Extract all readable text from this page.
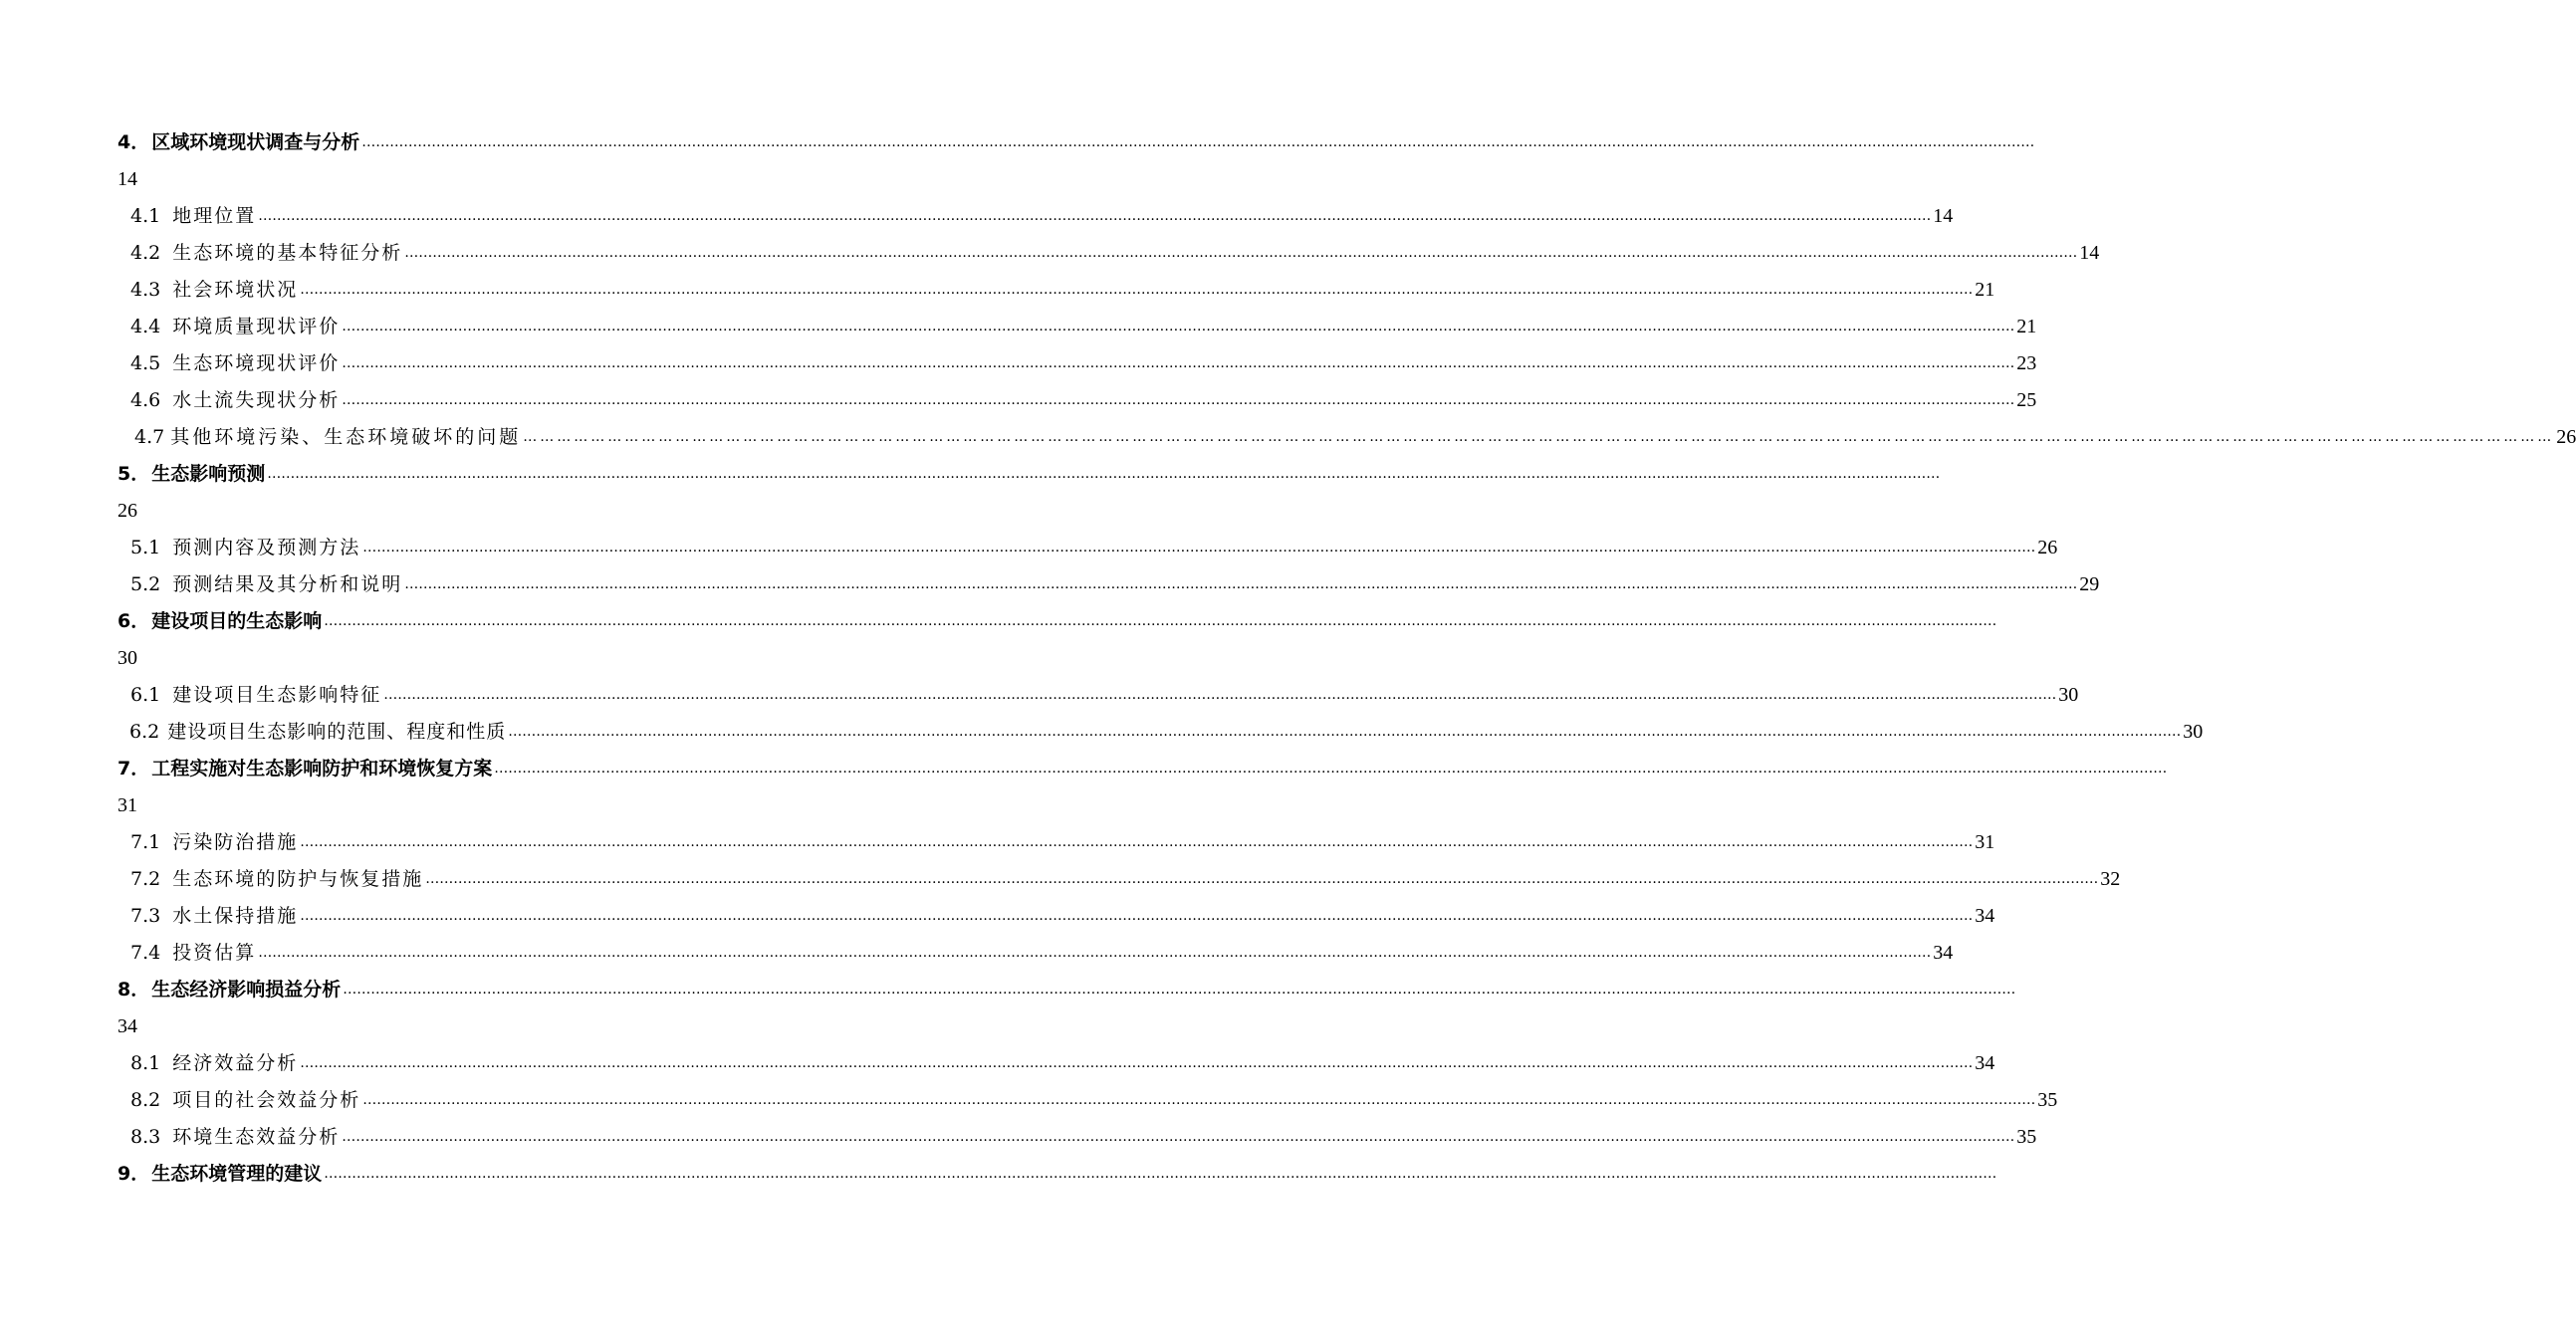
4． 区域环境现状调查与分析 ………………………………………………………………………………………………………………………………………………………………………………………………………………………………………………………………………………………………………………………………
14
4.1 地理位置 ……………………………………………………………………………………………………………………………………………………………………………………………………………………………………………………………………………………………………………………………… 14
4.2 生态环境的基本特征分析 ……………………………………………………………………………………………………………………………………………………………………………………………………………………………………………………………………………………………………………………………… 14
4.3 社会环境状况 ……………………………………………………………………………………………………………………………………………………………………………………………………………………………………………………………………………………………………………………………… 21
4.4 环境质量现状评价 ……………………………………………………………………………………………………………………………………………………………………………………………………………………………………………………………………………………………………………………………… 21
4.5 生态环境现状评价 ……………………………………………………………………………………………………………………………………………………………………………………………………………………………………………………………………………………………………………………………… 23
4.6 水土流失现状分析 ……………………………………………………………………………………………………………………………………………………………………………………………………………………………………………………………………………………………………………………………… 25
4.7 其他环境污染、生态环境破坏的问题 ……………………………………………………………………………………………………………………………………………………………………………………………………………………………………………………………………………………………………………………………… 26
5． 生态影响预测 ………………………………………………………………………………………………………………………………………………………………………………………………………………………………………………………………………………………………………………………………
26
5.1 预测内容及预测方法 ……………………………………………………………………………………………………………………………………………………………………………………………………………………………………………………………………………………………………………………………… 26
5.2 预测结果及其分析和说明 ……………………………………………………………………………………………………………………………………………………………………………………………………………………………………………………………………………………………………………………………… 29
6． 建设项目的生态影响 ………………………………………………………………………………………………………………………………………………………………………………………………………………………………………………………………………………………………………………………………
30
6.1 建设项目生态影响特征 ……………………………………………………………………………………………………………………………………………………………………………………………………………………………………………………………………………………………………………………………… 30
6.2 建设项目生态影响的范围、程度和性质 ……………………………………………………………………………………………………………………………………………………………………………………………………………………………………………………………………………………………………………………………… 30
7． 工程实施对生态影响防护和环境恢复方案 ………………………………………………………………………………………………………………………………………………………………………………………………………………………………………………………………………………………………………………………………
31
7.1 污染防治措施 ……………………………………………………………………………………………………………………………………………………………………………………………………………………………………………………………………………………………………………………………… 31
7.2 生态环境的防护与恢复措施 ……………………………………………………………………………………………………………………………………………………………………………………………………………………………………………………………………………………………………………………………… 32
7.3 水土保持措施 ……………………………………………………………………………………………………………………………………………………………………………………………………………………………………………………………………………………………………………………………… 34
7.4 投资估算 ……………………………………………………………………………………………………………………………………………………………………………………………………………………………………………………………………………………………………………………………… 34
8． 生态经济影响损益分析 ………………………………………………………………………………………………………………………………………………………………………………………………………………………………………………………………………………………………………………………………
34
8.1 经济效益分析 ……………………………………………………………………………………………………………………………………………………………………………………………………………………………………………………………………………………………………………………………… 34
8.2 项目的社会效益分析 ……………………………………………………………………………………………………………………………………………………………………………………………………………………………………………………………………………………………………………………………… 35
8.3 环境生态效益分析 ……………………………………………………………………………………………………………………………………………………………………………………………………………………………………………………………………………………………………………………………… 35
9． 生态环境管理的建议 ………………………………………………………………………………………………………………………………………………………………………………………………………………………………………………………………………………………………………………………………
